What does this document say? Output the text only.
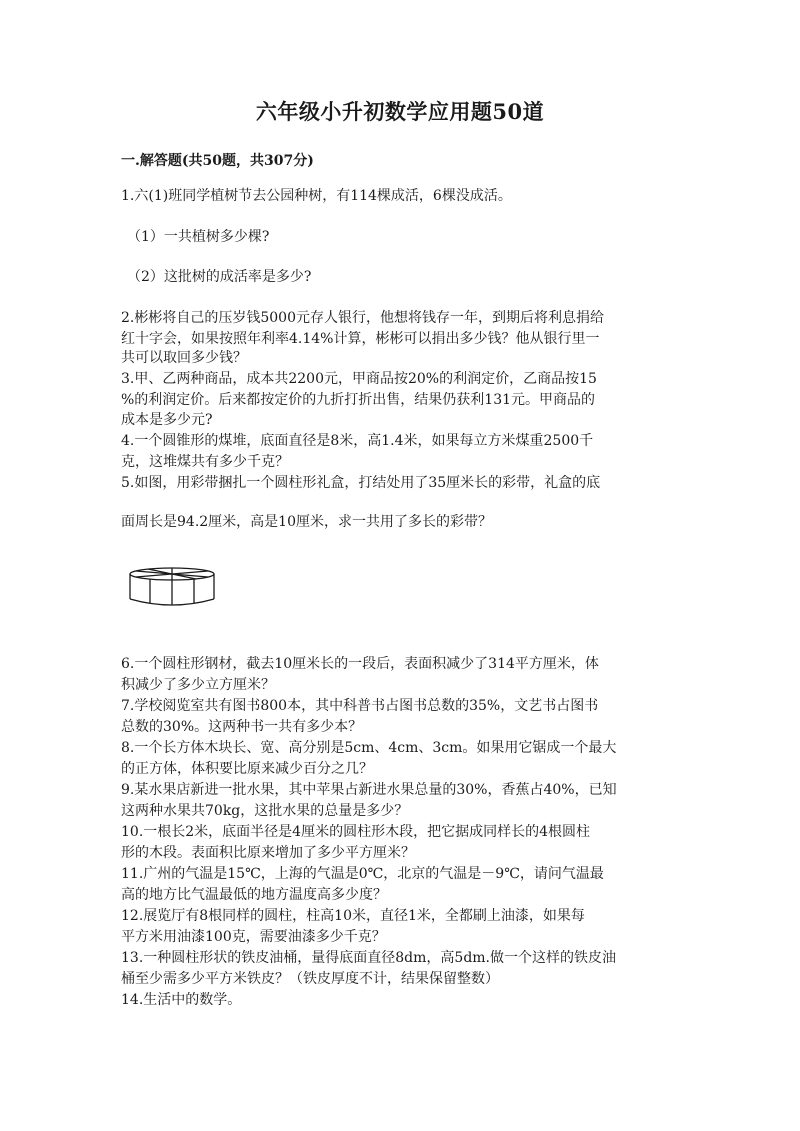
六年级小升初数学应用题50道
一.解答题(共50题，共307分)
1.六(1)班同学植树节去公园种树，有114棵成活，6棵没成活。
（1）一共植树多少棵?
（2）这批树的成活率是多少?
2.彬彬将自己的压岁钱5000元存人银行，他想将钱存一年，到期后将利息捐给
红十字会，如果按照年利率4.14%计算，彬彬可以捐出多少钱？他从银行里一
共可以取回多少钱？
3.甲、乙两种商品，成本共2200元，甲商品按20%的利润定价，乙商品按15
%的利润定价。后来都按定价的九折打折出售，结果仍获利131元。甲商品的
成本是多少元?
4.一个圆锥形的煤堆，底面直径是8米，高1.4米，如果每立方米煤重2500千
克，这堆煤共有多少千克？
5.如图，用彩带捆扎一个圆柱形礼盒，打结处用了35厘米长的彩带，礼盒的底
面周长是94.2厘米，高是10厘米，求一共用了多长的彩带？
6.一个圆柱形钢材，截去10厘米长的一段后，表面积减少了314平方厘米，体
积减少了多少立方厘米？
7.学校阅览室共有图书800本，其中科普书占图书总数的35%，文艺书占图书
总数的30%。这两种书一共有多少本？
8.一个长方体木块长、宽、高分别是5cm、4cm、3cm。如果用它锯成一个最大
的正方体，体积要比原来减少百分之几？
9.某水果店新进一批水果，其中苹果占新进水果总量的30%，香蕉占40%，已知
这两种水果共70kg，这批水果的总量是多少？
10.一根长2米，底面半径是4厘米的圆柱形木段，把它据成同样长的4根圆柱
形的木段。表面积比原来增加了多少平方厘米？
11.广州的气温是15℃，上海的气温是0℃，北京的气温是－9℃，请问气温最
高的地方比气温最低的地方温度高多少度？
12.展览厅有8根同样的圆柱，柱高10米，直径1米，全都刷上油漆，如果每
平方米用油漆100克，需要油漆多少千克？
13.一种圆柱形状的铁皮油桶，量得底面直径8dm，高5dm.做一个这样的铁皮油
桶至少需多少平方米铁皮？（铁皮厚度不计，结果保留整数）
14.生活中的数学。
